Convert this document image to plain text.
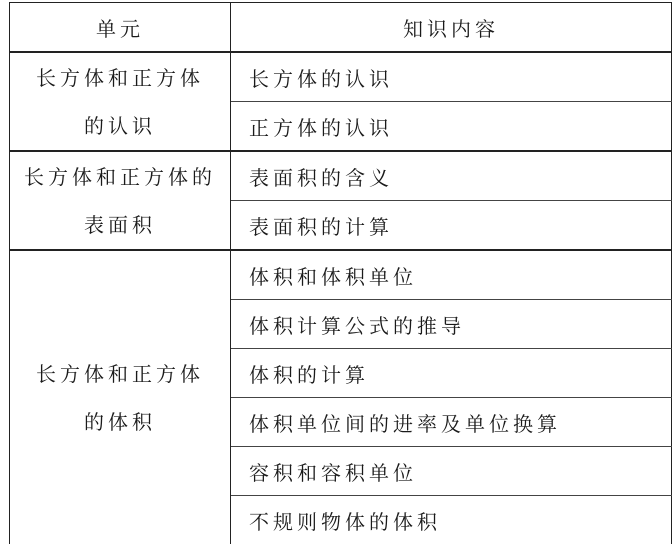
单元	知识内容

长方体和正方体
的认识	长方体的认识
	正方体的认识

长方体和正方体的
表面积	表面积的含义
	表面积的计算

长方体和正方体
的体积	体积和体积单位
	体积计算公式的推导
	体积的计算
	体积单位间的进率及单位换算
	容积和容积单位
	不规则物体的体积
